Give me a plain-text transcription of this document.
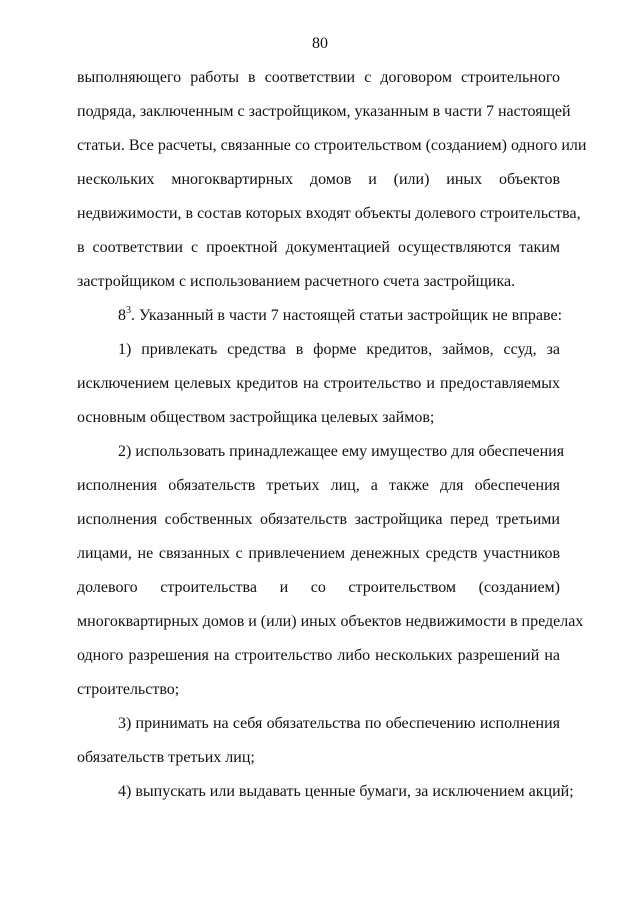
80
выполняющего работы в соответствии с договором строительного
подряда, заключенным с застройщиком, указанным в части 7 настоящей
статьи. Все расчеты, связанные со строительством (созданием) одного или
нескольких многоквартирных домов и (или) иных объектов
недвижимости, в состав которых входят объекты долевого строительства,
в соответствии с проектной документацией осуществляются таким
застройщиком с использованием расчетного счета застройщика.
$8^3$. Указанный в части 7 настоящей статьи застройщик не вправе:
1) привлекать средства в форме кредитов, займов, ссуд, за
исключением целевых кредитов на строительство и предоставляемых
основным обществом застройщика целевых займов;
2) использовать принадлежащее ему имущество для обеспечения
исполнения обязательств третьих лиц, а также для обеспечения
исполнения собственных обязательств застройщика перед третьими
лицами, не связанных с привлечением денежных средств участников
долевого строительства и со строительством (созданием)
многоквартирных домов и (или) иных объектов недвижимости в пределах
одного разрешения на строительство либо нескольких разрешений на
строительство;
3) принимать на себя обязательства по обеспечению исполнения
обязательств третьих лиц;
4) выпускать или выдавать ценные бумаги, за исключением акций;
